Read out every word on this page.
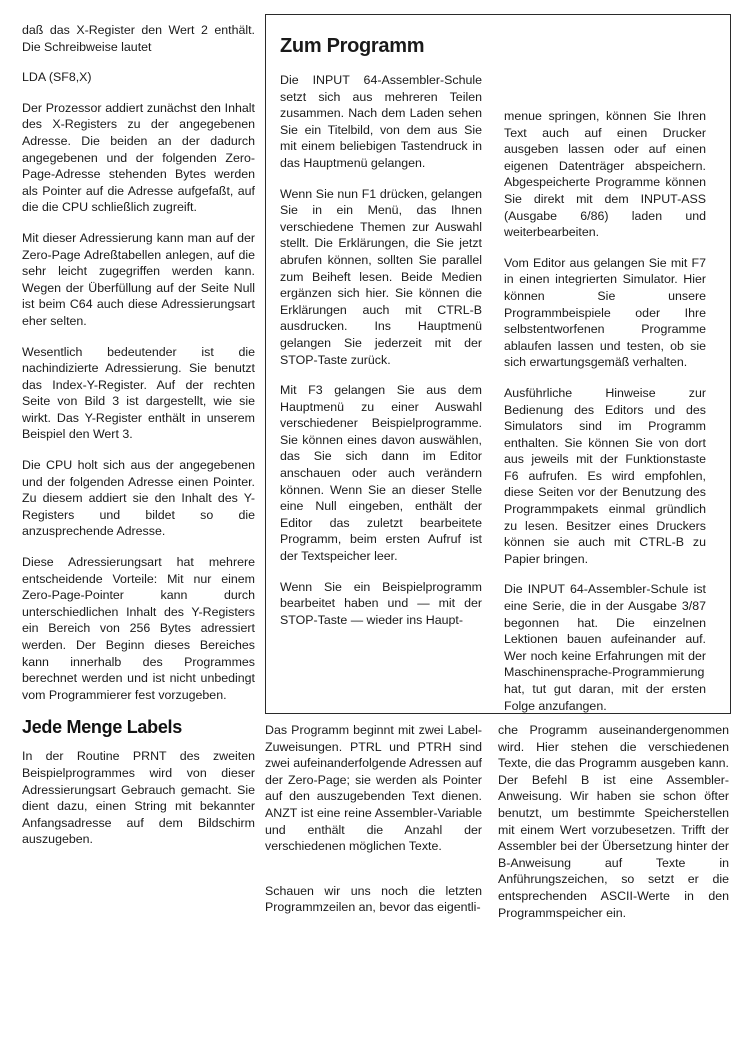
daß das X-Register den Wert 2 enthält. Die Schreibweise lautet

LDA (SF8,X)

Der Prozessor addiert zunächst den Inhalt des X-Registers zu der angegebenen Adresse. Die beiden an der dadurch angegebenen und der folgenden Zero-Page-Adresse stehenden Bytes werden als Pointer auf die Adresse aufgefaßt, auf die die CPU schließlich zugreift.

Mit dieser Adressierung kann man auf der Zero-Page Adreßtabellen anlegen, auf die sehr leicht zugegriffen werden kann. Wegen der Überfüllung auf der Seite Null ist beim C64 auch diese Adressierungsart eher selten.

Wesentlich bedeutender ist die nachindizierte Adressierung. Sie benutzt das Index-Y-Register. Auf der rechten Seite von Bild 3 ist dargestellt, wie sie wirkt. Das Y-Register enthält in unserem Beispiel den Wert 3.

Die CPU holt sich aus der angegebenen und der folgenden Adresse einen Pointer. Zu diesem addiert sie den Inhalt des Y-Registers und bildet so die anzusprechende Adresse.

Diese Adressierungsart hat mehrere entscheidende Vorteile: Mit nur einem Zero-Page-Pointer kann durch unterschiedlichen Inhalt des Y-Registers ein Bereich von 256 Bytes adressiert werden. Der Beginn dieses Bereiches kann innerhalb des Programmes berechnet werden und ist nicht unbedingt vom Programmierer fest vorzugeben.

Jede Menge Labels

In der Routine PRNT des zweiten Beispielprogrammes wird von dieser Adressierungsart Gebrauch gemacht. Sie dient dazu, einen String mit bekannter Anfangsadresse auf dem Bildschirm auszugeben.

Zum Programm

Die INPUT 64-Assembler-Schule setzt sich aus mehreren Teilen zusammen. Nach dem Laden sehen Sie ein Titelbild, von dem aus Sie mit einem beliebigen Tastendruck in das Hauptmenü gelangen.

Wenn Sie nun F1 drücken, gelangen Sie in ein Menü, das Ihnen verschiedene Themen zur Auswahl stellt. Die Erklärungen, die Sie jetzt abrufen können, sollten Sie parallel zum Beiheft lesen. Beide Medien ergänzen sich hier. Sie können die Erklärungen auch mit CTRL-B ausdrucken. Ins Hauptmenü gelangen Sie jederzeit mit der STOP-Taste zurück.

Mit F3 gelangen Sie aus dem Hauptmenü zu einer Auswahl verschiedener Beispielprogramme. Sie können eines davon auswählen, das Sie sich dann im Editor anschauen oder auch verändern können. Wenn Sie an dieser Stelle eine Null eingeben, enthält der Editor das zuletzt bearbeitete Programm, beim ersten Aufruf ist der Textspeicher leer.

Wenn Sie ein Beispielprogramm bearbeitet haben und — mit der STOP-Taste — wieder ins Haupt-

menue springen, können Sie Ihren Text auch auf einen Drucker ausgeben lassen oder auf einen eigenen Datenträger abspeichern. Abgespeicherte Programme können Sie direkt mit dem INPUT-ASS (Ausgabe 6/86) laden und weiterbearbeiten.

Vom Editor aus gelangen Sie mit F7 in einen integrierten Simulator. Hier können Sie unsere Programmbeispiele oder Ihre selbstentworfenen Programme ablaufen lassen und testen, ob sie sich erwartungsgemäß verhalten.

Ausführliche Hinweise zur Bedienung des Editors und des Simulators sind im Programm enthalten. Sie können Sie von dort aus jeweils mit der Funktionstaste F6 aufrufen. Es wird empfohlen, diese Seiten vor der Benutzung des Programmpakets einmal gründlich zu lesen. Besitzer eines Druckers können sie auch mit CTRL-B zu Papier bringen.

Die INPUT 64-Assembler-Schule ist eine Serie, die in der Ausgabe 3/87 begonnen hat. Die einzelnen Lektionen bauen aufeinander auf. Wer noch keine Erfahrungen mit der Maschinensprache-Programmierung hat, tut gut daran, mit der ersten Folge anzufangen.

Das Programm beginnt mit zwei Label-Zuweisungen. PTRL und PTRH sind zwei aufeinanderfolgende Adressen auf der Zero-Page; sie werden als Pointer auf den auszugebenden Text dienen. ANZT ist eine reine Assembler-Variable und enthält die Anzahl der verschiedenen möglichen Texte.

Schauen wir uns noch die letzten Programmzeilen an, bevor das eigentli-

che Programm auseinandergenommen wird. Hier stehen die verschiedenen Texte, die das Programm ausgeben kann. Der Befehl B ist eine Assembler-Anweisung. Wir haben sie schon öfter benutzt, um bestimmte Speicherstellen mit einem Wert vorzubesetzen. Trifft der Assembler bei der Übersetzung hinter der B-Anweisung auf Texte in Anführungszeichen, so setzt er die entsprechenden ASCII-Werte in den Programmspeicher ein.
